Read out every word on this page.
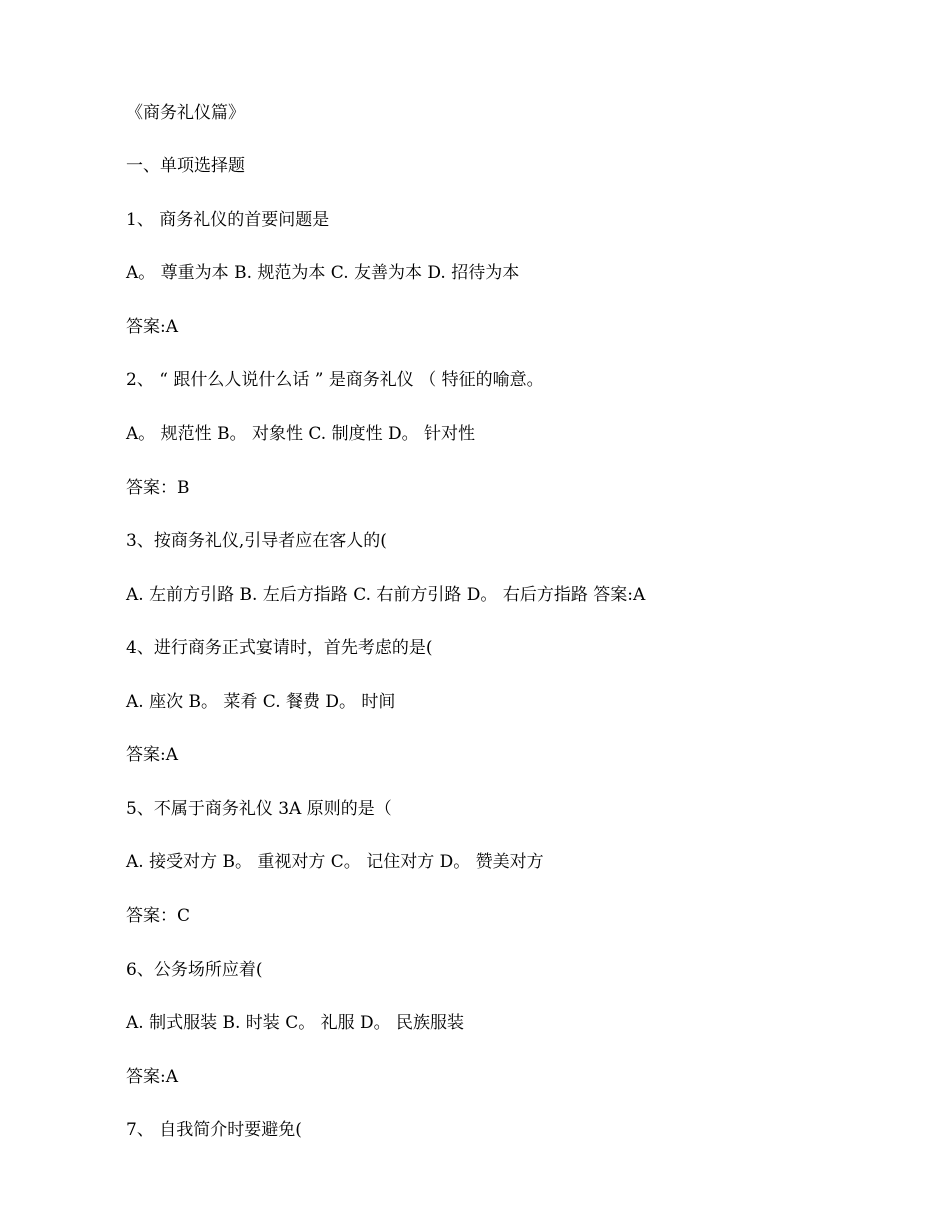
《商务礼仪篇》
一、单项选择题
1、 商务礼仪的首要问题是
A。 尊重为本 B. 规范为本 C. 友善为本 D. 招待为本
答案:A
2、 “ 跟什么人说什么话 ” 是商务礼仪 （ 特征的喻意。
A。 规范性 B。 对象性 C. 制度性 D。 针对性
答案：B
3、按商务礼仪,引导者应在客人的(
A. 左前方引路 B. 左后方指路 C. 右前方引路 D。 右后方指路 答案:A
4、进行商务正式宴请时，首先考虑的是(
A. 座次 B。 菜肴 C. 餐费 D。 时间
答案:A
5、不属于商务礼仪 3A 原则的是（
A. 接受对方 B。 重视对方 C。 记住对方 D。 赞美对方
答案：C
6、公务场所应着(
A. 制式服装 B. 时装 C。 礼服 D。 民族服装
答案:A
7、 自我简介时要避免(
